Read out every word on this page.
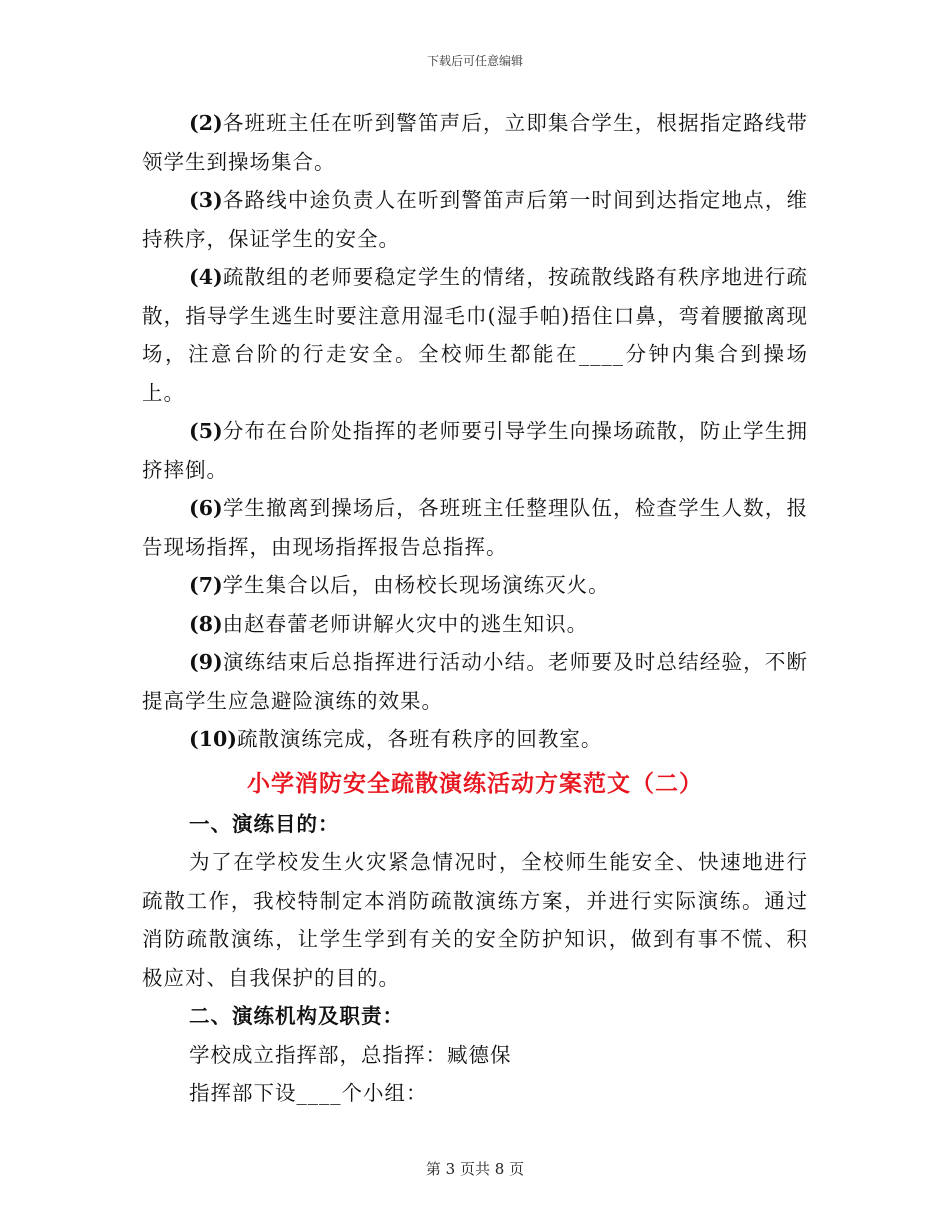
下载后可任意编辑

(2)各班班主任在听到警笛声后，立即集合学生，根据指定路线带领学生到操场集合。

(3)各路线中途负责人在听到警笛声后第一时间到达指定地点，维持秩序，保证学生的安全。

(4)疏散组的老师要稳定学生的情绪，按疏散线路有秩序地进行疏散，指导学生逃生时要注意用湿毛巾(湿手帕)捂住口鼻，弯着腰撤离现场，注意台阶的行走安全。全校师生都能在____分钟内集合到操场上。

(5)分布在台阶处指挥的老师要引导学生向操场疏散，防止学生拥挤摔倒。

(6)学生撤离到操场后，各班班主任整理队伍，检查学生人数，报告现场指挥，由现场指挥报告总指挥。

(7)学生集合以后，由杨校长现场演练灭火。

(8)由赵春蕾老师讲解火灾中的逃生知识。

(9)演练结束后总指挥进行活动小结。老师要及时总结经验，不断提高学生应急避险演练的效果。

(10)疏散演练完成，各班有秩序的回教室。

小学消防安全疏散演练活动方案范文（二）

一、演练目的：

为了在学校发生火灾紧急情况时，全校师生能安全、快速地进行疏散工作，我校特制定本消防疏散演练方案，并进行实际演练。通过消防疏散演练，让学生学到有关的安全防护知识，做到有事不慌、积极应对、自我保护的目的。

二、演练机构及职责：

学校成立指挥部，总指挥：臧德保

指挥部下设____个小组：

第 3 页共 8 页
